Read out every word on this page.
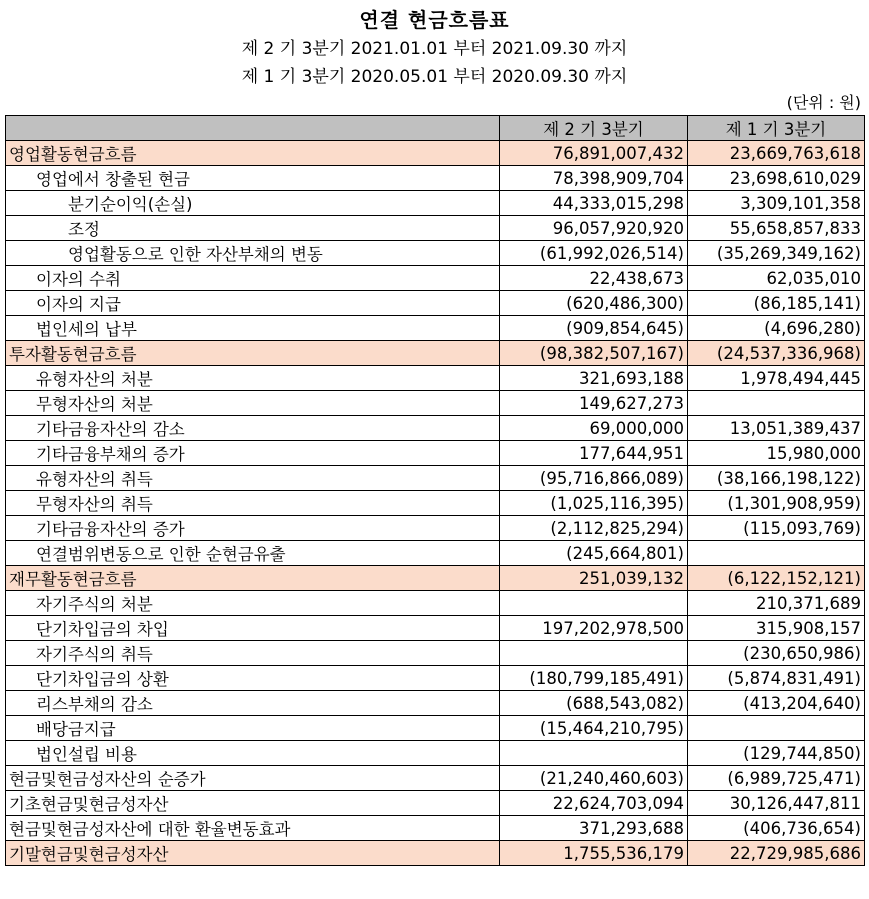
연결 현금흐름표
제 2 기 3분기 2021.01.01 부터 2021.09.30 까지
제 1 기 3분기 2020.05.01 부터 2020.09.30 까지
(단위 : 원)
	제 2 기 3분기	제 1 기 3분기
영업활동현금흐름	76,891,007,432	23,669,763,618
영업에서 창출된 현금	78,398,909,704	23,698,610,029
분기순이익(손실)	44,333,015,298	3,309,101,358
조정	96,057,920,920	55,658,857,833
영업활동으로 인한 자산부채의 변동	(61,992,026,514)	(35,269,349,162)
이자의 수취	22,438,673	62,035,010
이자의 지급	(620,486,300)	(86,185,141)
법인세의 납부	(909,854,645)	(4,696,280)
투자활동현금흐름	(98,382,507,167)	(24,537,336,968)
유형자산의 처분	321,693,188	1,978,494,445
무형자산의 처분	149,627,273	
기타금융자산의 감소	69,000,000	13,051,389,437
기타금융부채의 증가	177,644,951	15,980,000
유형자산의 취득	(95,716,866,089)	(38,166,198,122)
무형자산의 취득	(1,025,116,395)	(1,301,908,959)
기타금융자산의 증가	(2,112,825,294)	(115,093,769)
연결범위변동으로 인한 순현금유출	(245,664,801)	
재무활동현금흐름	251,039,132	(6,122,152,121)
자기주식의 처분		210,371,689
단기차입금의 차입	197,202,978,500	315,908,157
자기주식의 취득		(230,650,986)
단기차입금의 상환	(180,799,185,491)	(5,874,831,491)
리스부채의 감소	(688,543,082)	(413,204,640)
배당금지급	(15,464,210,795)	
법인설립 비용		(129,744,850)
현금및현금성자산의 순증가	(21,240,460,603)	(6,989,725,471)
기초현금및현금성자산	22,624,703,094	30,126,447,811
현금및현금성자산에 대한 환율변동효과	371,293,688	(406,736,654)
기말현금및현금성자산	1,755,536,179	22,729,985,686
